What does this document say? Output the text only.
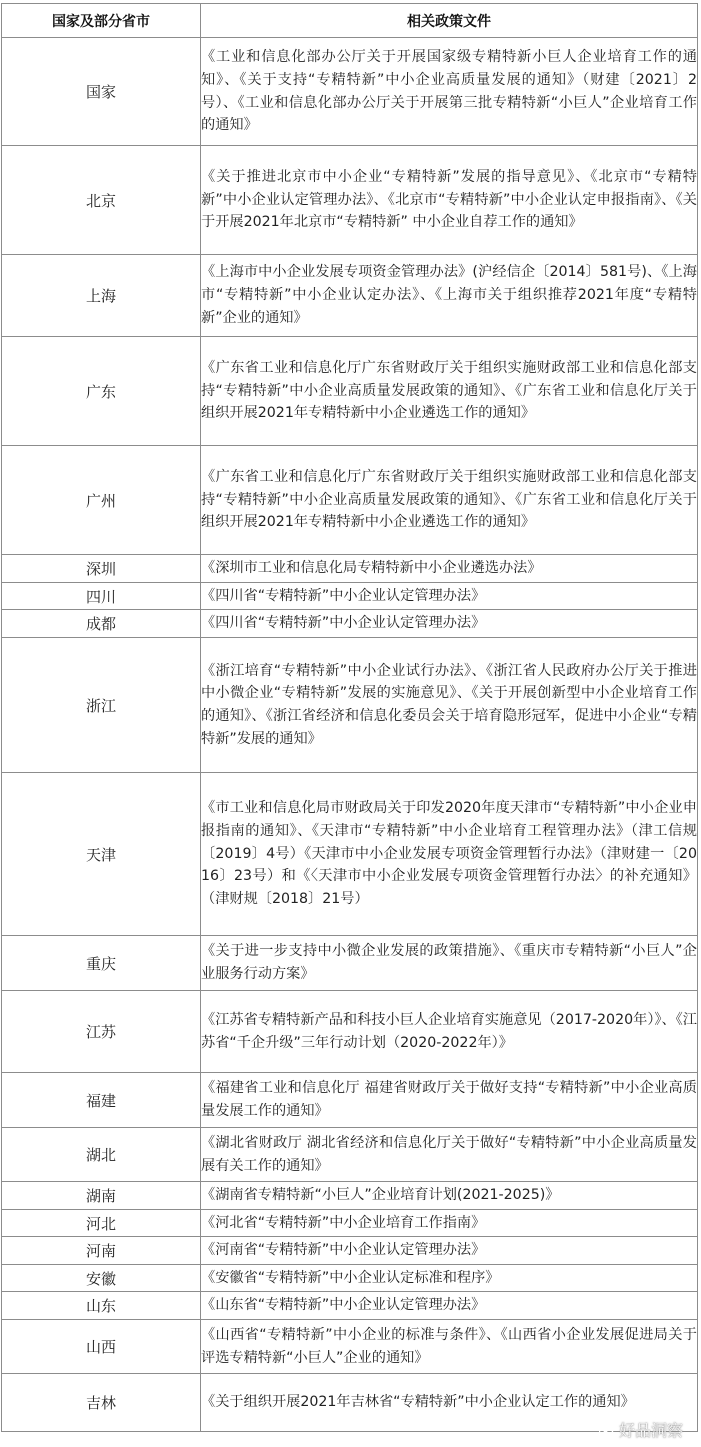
国家及部分省市	相关政策文件
国家	《工业和信息化部办公厅关于开展国家级专精特新小巨人企业培育工作的通知》、《关于支持“专精特新”中小企业高质量发展的通知》（财建〔2021〕2号）、《工业和信息化部办公厅关于开展第三批专精特新“小巨人”企业培育工作的通知》
北京	《关于推进北京市中小企业“专精特新”发展的指导意见》、《北京市“专精特新”中小企业认定管理办法》、《北京市“专精特新”中小企业认定申报指南》、《关于开展2021年北京市“专精特新” 中小企业自荐工作的通知》
上海	《上海市中小企业发展专项资金管理办法》(沪经信企〔2014〕581号)、《上海市“专精特新”中小企业认定办法》、《上海市关于组织推荐2021年度“专精特新”企业的通知》
广东	《广东省工业和信息化厅广东省财政厅关于组织实施财政部工业和信息化部支持“专精特新”中小企业高质量发展政策的通知》、《广东省工业和信息化厅关于组织开展2021年专精特新中小企业遴选工作的通知》
广州	《广东省工业和信息化厅广东省财政厅关于组织实施财政部工业和信息化部支持“专精特新”中小企业高质量发展政策的通知》、《广东省工业和信息化厅关于组织开展2021年专精特新中小企业遴选工作的通知》
深圳	《深圳市工业和信息化局专精特新中小企业遴选办法》
四川	《四川省“专精特新”中小企业认定管理办法》
成都	《四川省“专精特新”中小企业认定管理办法》
浙江	《浙江培育“专精特新”中小企业试行办法》、《浙江省人民政府办公厅关于推进中小微企业“专精特新”发展的实施意见》、《关于开展创新型中小企业培育工作的通知》、《浙江省经济和信息化委员会关于培育隐形冠军，促进中小企业“专精特新”发展的通知》
天津	《市工业和信息化局市财政局关于印发2020年度天津市“专精特新”中小企业申报指南的通知》、《天津市“专精特新”中小企业培育工程管理办法》（津工信规〔2019〕4号）《天津市中小企业发展专项资金管理暂行办法》（津财建一〔2016〕23号）和《〈天津市中小企业发展专项资金管理暂行办法〉的补充通知》（津财规〔2018〕21号）
重庆	《关于进一步支持中小微企业发展的政策措施》、《重庆市专精特新“小巨人”企业服务行动方案》
江苏	《江苏省专精特新产品和科技小巨人企业培育实施意见（2017-2020年）》、《江苏省“千企升级”三年行动计划（2020-2022年）》
福建	《福建省工业和信息化厅 福建省财政厅关于做好支持“专精特新”中小企业高质量发展工作的通知》
湖北	《湖北省财政厅 湖北省经济和信息化厅关于做好“专精特新”中小企业高质量发展有关工作的通知》
湖南	《湖南省专精特新“小巨人”企业培育计划(2021-2025)》
河北	《河北省“专精特新”中小企业培育工作指南》
河南	《河南省“专精特新”中小企业认定管理办法》
安徽	《安徽省“专精特新”中小企业认定标准和程序》
山东	《山东省“专精特新”中小企业认定管理办法》
山西	《山西省“专精特新”中小企业的标准与条件》、《山西省小企业发展促进局关于评选专精特新“小巨人”企业的通知》
吉林	《关于组织开展2021年吉林省“专精特新”中小企业认定工作的通知》
好品洞察
